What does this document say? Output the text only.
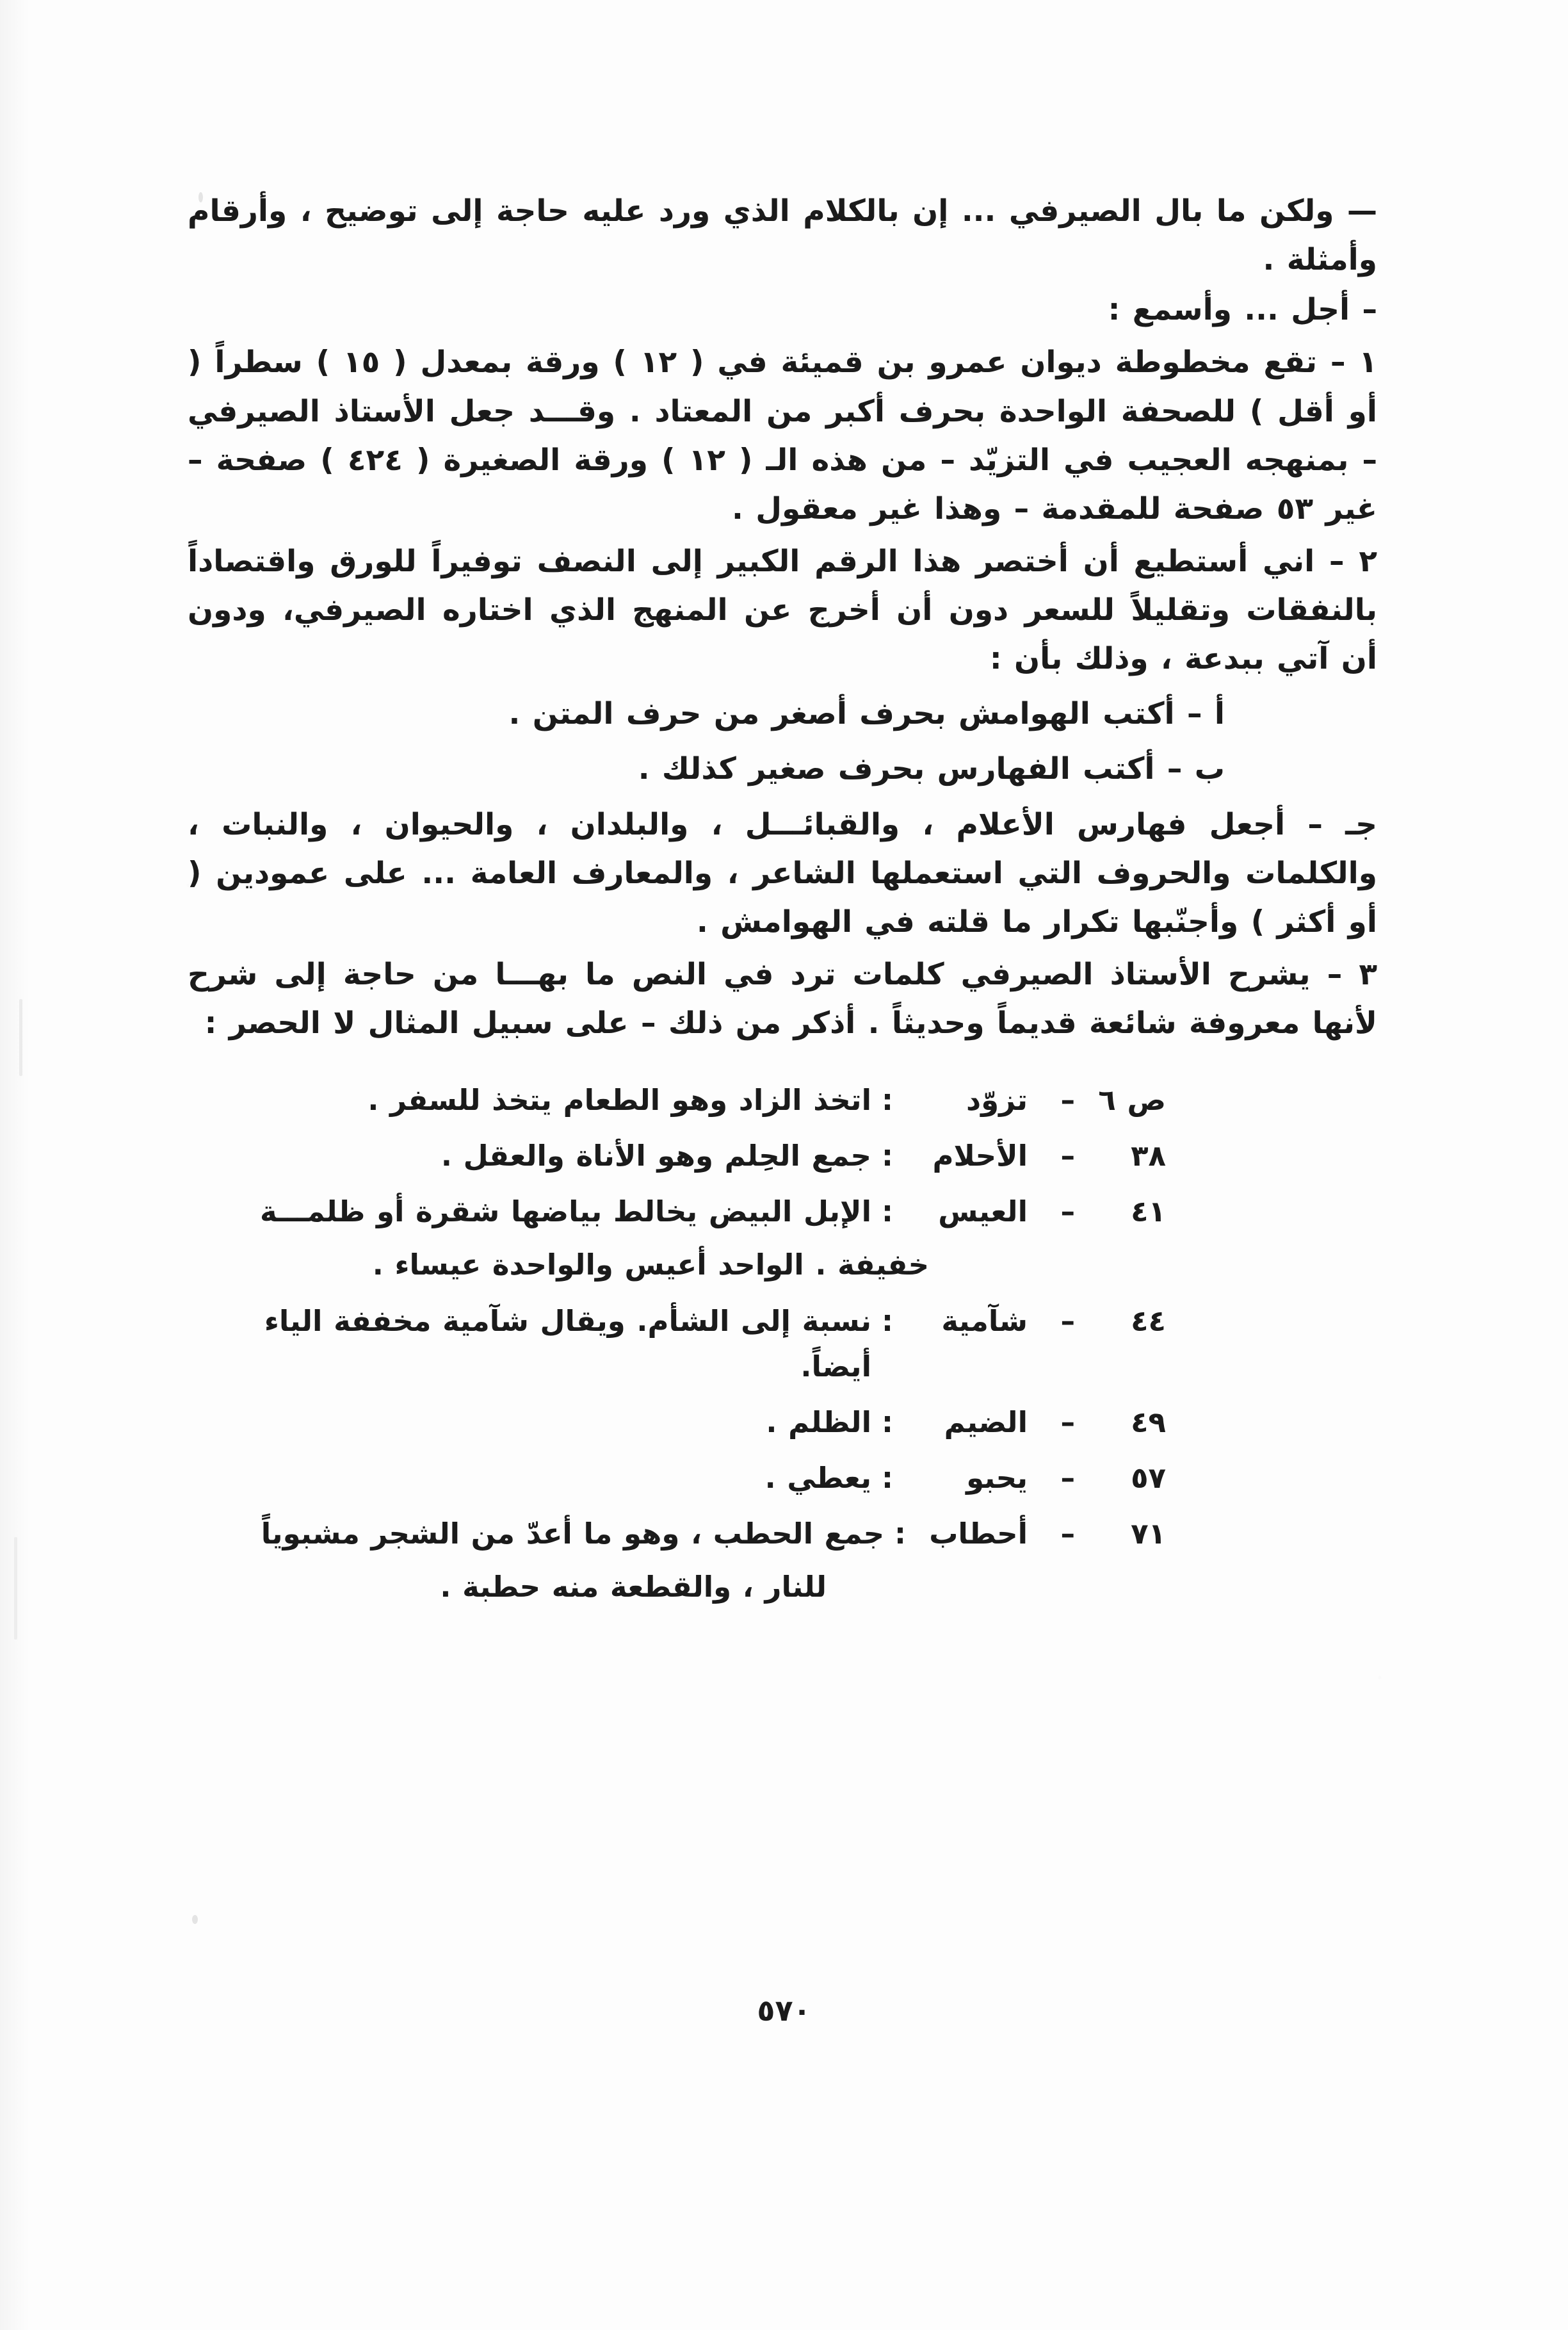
— ولكن ما بال الصيرفي ... إن بالكلام الذي ورد عليه حاجة إلى توضيح ، وأرقام وأمثلة .

– أجل ... وأسمع :

١ – تقع مخطوطة ديوان عمرو بن قميئة في ( ١٢ ) ورقة بمعدل ( ١٥ ) سطراً ( أو أقل ) للصحفة الواحدة بحرف أكبر من المعتاد . وقـــد جعل الأستاذ الصيرفي – بمنهجه العجيب في التزيّد – من هذه الـ ( ١٢ ) ورقة الصغيرة ( ٤٢٤ ) صفحة – غير ٥٣ صفحة للمقدمة – وهذا غير معقول .

٢ – اني أستطيع أن أختصر هذا الرقم الكبير إلى النصف توفيراً للورق واقتصاداً بالنفقات وتقليلاً للسعر دون أن أخرج عن المنهج الذي اختاره الصيرفي، ودون أن آتي ببدعة ، وذلك بأن :

أ – أكتب الهوامش بحرف أصغر من حرف المتن .

ب – أكتب الفهارس بحرف صغير كذلك .

جـ – أجعل فهارس الأعلام ، والقبائـــل ، والبلدان ، والحيوان ، والنبات ، والكلمات والحروف التي استعملها الشاعر ، والمعارف العامة ... على عمودين ( أو أكثر ) وأجنّبها تكرار ما قلته في الهوامش .

٣ – يشرح الأستاذ الصيرفي كلمات ترد في النص ما بهـــا من حاجة إلى شرح لأنها معروفة شائعة قديماً وحديثاً . أذكر من ذلك – على سبيل المثال لا الحصر :

ص ٦
–
تزوّد
:
اتخذ الزاد وهو الطعام يتخذ للسفر .
٣٨
–
الأحلام
:
جمع الحِلم وهو الأناة والعقل .
٤١
–
العيس
:
الإبل البيض يخالط بياضها شقرة أو ظلمـــة
خفيفة . الواحد أعيس والواحدة عيساء .
٤٤
–
شآمية
:
نسبة إلى الشأم. ويقال شآمية مخففة الياء أيضاً.
٤٩
–
الضيم
:
الظلم .
٥٧
–
يحبو
:
يعطي .
٧١
–
أحطاب
:
جمع الحطب ، وهو ما أعدّ من الشجر مشبوياً
للنار ، والقطعة منه حطبة .
٥٧٠
